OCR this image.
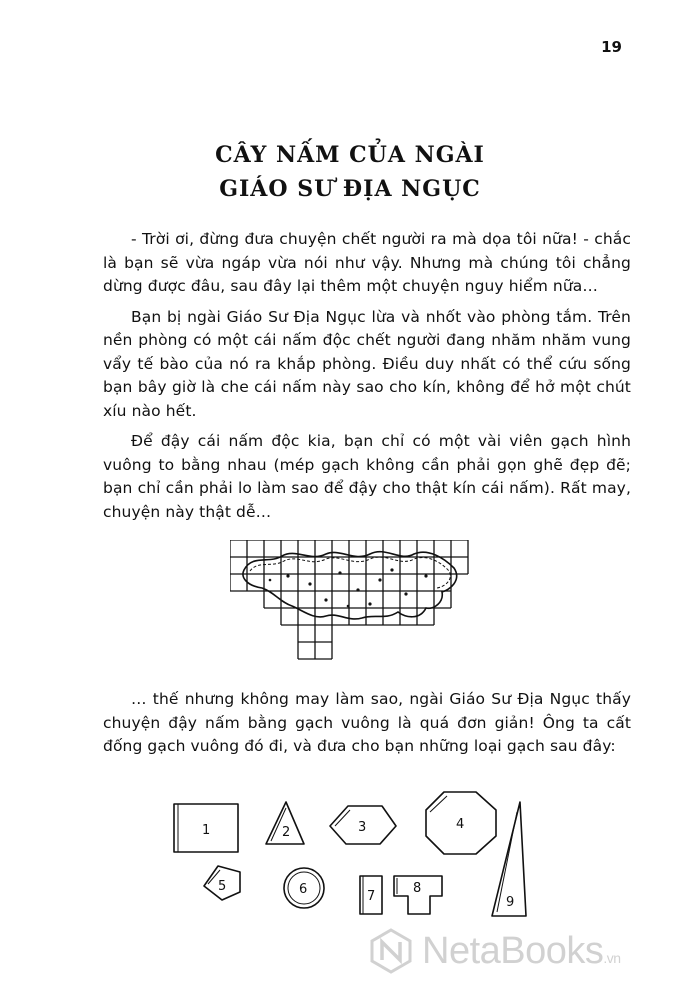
19
CÂY NẤM CỦA NGÀI
GIÁO SƯ ĐỊA NGỤC

- Trời ơi, đừng đưa chuyện chết người ra mà dọa tôi nữa! - chắc là bạn sẽ vừa ngáp vừa nói như vậy. Nhưng mà chúng tôi chẳng dừng được đâu, sau đây lại thêm một chuyện nguy hiểm nữa…

Bạn bị ngài Giáo Sư Địa Ngục lừa và nhốt vào phòng tắm. Trên nền phòng có một cái nấm độc chết người đang nhăm nhăm vung vẩy tế bào của nó ra khắp phòng. Điều duy nhất có thể cứu sống bạn bây giờ là che cái nấm này sao cho kín, không để hở một chút xíu nào hết.

Để đậy cái nấm độc kia, bạn chỉ có một vài viên gạch hình vuông to bằng nhau (mép gạch không cần phải gọn ghẽ đẹp đẽ; bạn chỉ cần phải lo làm sao để đậy cho thật kín cái nấm). Rất may, chuyện này thật dễ…

… thế nhưng không may làm sao, ngài Giáo Sư Địa Ngục thấy chuyện đậy nấm bằng gạch vuông là quá đơn giản! Ông ta cất đống gạch vuông đó đi, và đưa cho bạn những loại gạch sau đây:

1	2	3	4
9
5	6	7
8
NetaBooks.vn
